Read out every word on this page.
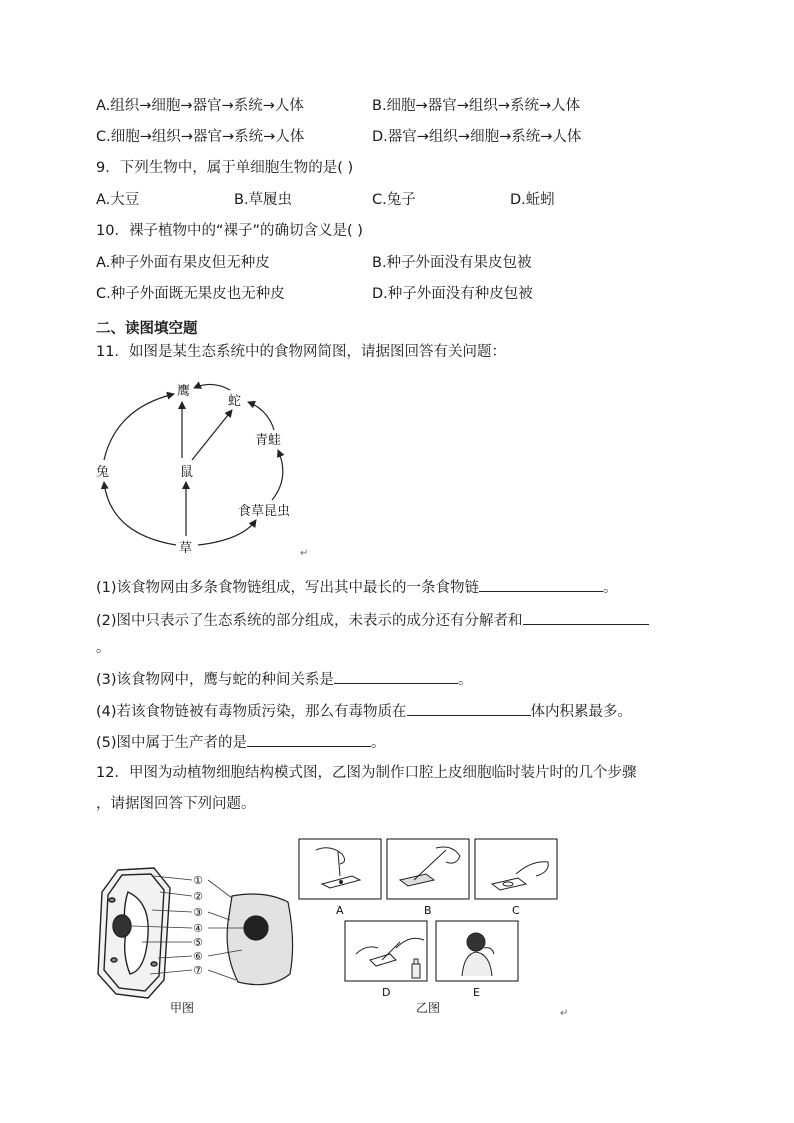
A.组织→细胞→器官→系统→人体	B.细胞→器官→组织→系统→人体
C.细胞→组织→器官→系统→人体	D.器官→组织→细胞→系统→人体
9．下列生物中，属于单细胞生物的是( )
A.大豆	B.草履虫	C.兔子	D.蚯蚓
10．裸子植物中的“裸子”的确切含义是( )
A.种子外面有果皮但无种皮	B.种子外面没有果皮包被
C.种子外面既无果皮也无种皮	D.种子外面没有种皮包被
二、读图填空题
11．如图是某生态系统中的食物网简图，请据图回答有关问题：
鹰
蛇
青蛙
兔	鼠
食草昆虫
草	↵
(1)该食物网由多条食物链组成，写出其中最长的一条食物链	。
(2)图中只表示了生态系统的部分组成，未表示的成分还有分解者和
。
(3)该食物网中，鹰与蛇的种间关系是	。
(4)若该食物链被有毒物质污染，那么有毒物质在	体内积累最多。
(5)图中属于生产者的是	。
12．甲图为动植物细胞结构模式图，乙图为制作口腔上皮细胞临时装片时的几个步骤
，请据图回答下列问题。
①
②
③
④
⑤
⑥
⑦
甲图
A	B	C
D	E
乙图	↵
